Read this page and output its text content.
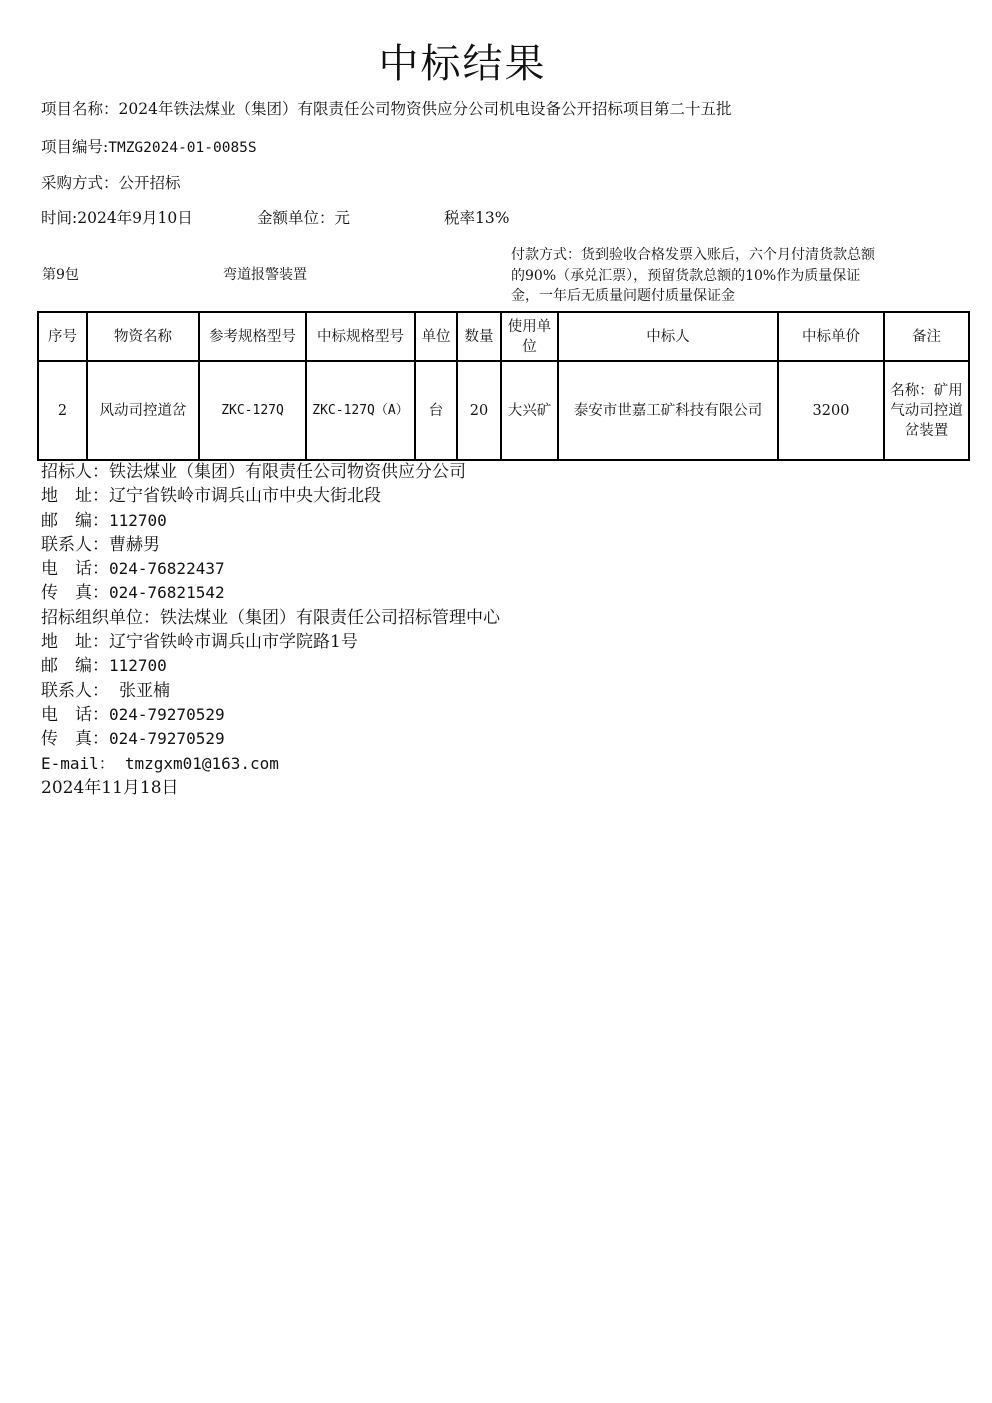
中标结果
项目名称：2024年铁法煤业（集团）有限责任公司物资供应分公司机电设备公开招标项目第二十五批
项目编号:TMZG2024-01-0085S
采购方式：公开招标
时间:2024年9月10日	金额单位：元	税率13%
第9包	弯道报警装置
付款方式：货到验收合格发票入账后，六个月付清货款总额的90%（承兑汇票），预留货款总额的10%作为质量保证金，一年后无质量问题付质量保证金
序号	物资名称	参考规格型号	中标规格型号	单位	数量	使用单位	中标人	中标单价	备注
2	风动司控道岔	ZKC-127Q	ZKC-127Q（A）	台	20	大兴矿	泰安市世嘉工矿科技有限公司	3200	名称：矿用气动司控道岔装置
招标人：铁法煤业（集团）有限责任公司物资供应分公司
地　址：辽宁省铁岭市调兵山市中央大街北段
邮　编：112700
联系人：曹赫男
电　话：024-76822437
传　真：024-76821542
招标组织单位：铁法煤业（集团）有限责任公司招标管理中心
地　址：辽宁省铁岭市调兵山市学院路1号
邮　编：112700
联系人： 张亚楠
电　话：024-79270529
传　真：024-79270529
E-mail： tmzgxm01@163.com
2024年11月18日
